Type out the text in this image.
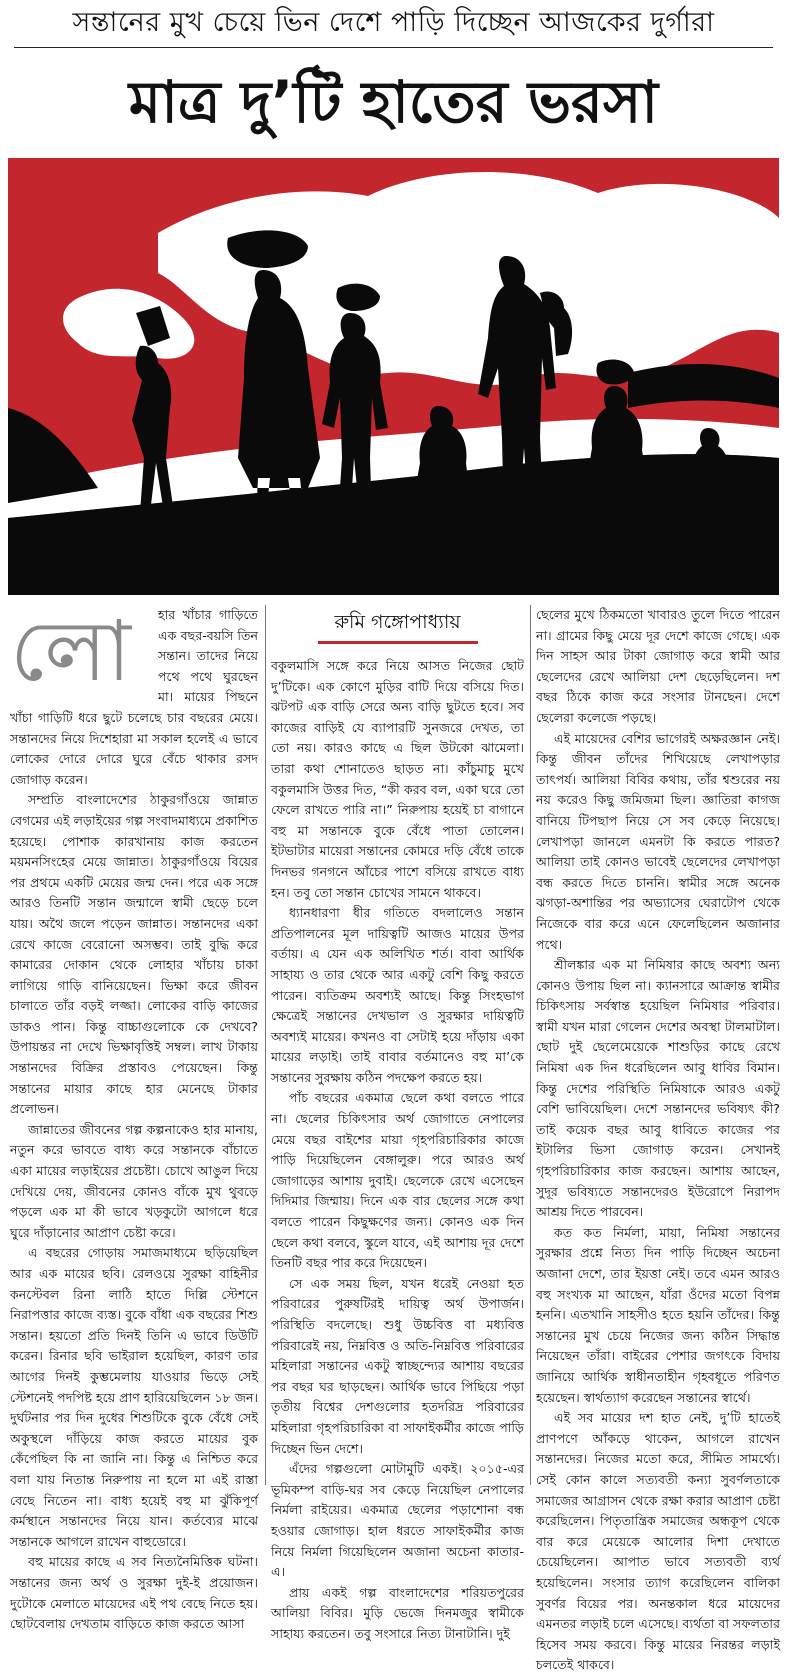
সন্তানের মুখ চেয়ে ভিন দেশে পাড়ি দিচ্ছেন আজকের দুর্গারা
মাত্র দু’টি হাতের ভরসা
লো	হার খাঁচার গাড়িতে এক বছর-বয়সি তিন সন্তান। তাদের নিয়ে পথে পথে ঘুরছেন মা। মায়ের পিছনে খাঁচা গাড়িটি ধরে ছুটে চলেছে চার বছরের মেয়ে। সন্তানদের নিয়ে দিশেহারা মা সকাল হলেই এ ভাবে লোকের দোরে দোরে ঘুরে বেঁচে থাকার রসদ জোগাড় করেন।

সম্প্রতি বাংলাদেশের ঠাকুরগাঁওয়ে জান্নাত বেগমের এই লড়াইয়ের গল্প সংবাদমাধ্যমে প্রকাশিত হয়েছে। পোশাক কারখানায় কাজ করতেন ময়মনসিংহের মেয়ে জান্নাত। ঠাকুরগাঁওয়ে বিয়ের পর প্রথমে একটি মেয়ের জন্ম দেন। পরে এক সঙ্গে আরও তিনটি সন্তান জন্মালে স্বামী ছেড়ে চলে যায়। অথৈ জলে পড়েন জান্নাত। সন্তানদের একা রেখে কাজে বেরোনো অসম্ভব। তাই বুদ্ধি করে কামারের দোকান থেকে লোহার খাঁচায় চাকা লাগিয়ে গাড়ি বানিয়েছেন। ভিক্ষা করে জীবন চালাতে তাঁর বড়ই লজ্জা। লোকের বাড়ি কাজের ডাকও পান। কিন্তু বাচ্চাগুলোকে কে দেখবে? উপায়ন্তর না দেখে ভিক্ষাবৃত্তিই সম্বল। লাখ টাকায় সন্তানদের বিক্রির প্রস্তাবও পেয়েছেন। কিন্তু সন্তানের মায়ার কাছে হার মেনেছে টাকার প্রলোভন।

জান্নাতের জীবনের গল্প কল্পনাকেও হার মানায়, নতুন করে ভাবতে বাধ্য করে সন্তানকে বাঁচাতে একা মায়ের লড়াইয়ের প্রচেষ্টা। চোখে আঙুল দিয়ে দেখিয়ে দেয়, জীবনের কোনও বাঁকে মুখ থুবড়ে পড়লে এক মা কী ভাবে খড়কুটো আগলে ধরে ঘুরে দাঁড়ানোর আপ্রাণ চেষ্টা করে।

এ বছরের গোড়ায় সমাজমাধ্যমে ছড়িয়েছিল আর এক মায়ের ছবি। রেলওয়ে সুরক্ষা বাহিনীর কনস্টেবল রিনা লাঠি হাতে দিল্লি স্টেশনে নিরাপত্তার কাজে ব্যস্ত। বুকে বাঁধা এক বছরের শিশু সন্তান। হয়তো প্রতি দিনই তিনি এ ভাবে ডিউটি করেন। রিনার ছবি ভাইরাল হয়েছিল, কারণ তার আগের দিনই কুম্ভমেলায় যাওয়ার ভিড়ে সেই স্টেশনেই পদপিষ্ট হয়ে প্রাণ হারিয়েছিলেন ১৮ জন। দুর্ঘটনার পর দিন দুধের শিশুটিকে বুকে বেঁধে সেই অকুস্থলে দাঁড়িয়ে কাজ করতে মায়ের বুক কেঁপেছিল কি না জানি না। কিন্তু এ নিশ্চিত করে বলা যায় নিতান্ত নিরুপায় না হলে মা এই রাস্তা বেছে নিতেন না। বাধ্য হয়েই বহু মা ঝুঁকিপূর্ণ কর্মস্থানে সন্তানদের নিয়ে যান। কর্তব্যের মাঝে সন্তানকে আগলে রাখেন বাহুডোরে।

বহু মায়ের কাছে এ সব নিত্যনৈমিত্তিক ঘটনা। সন্তানের জন্য অর্থ ও সুরক্ষা দুই-ই প্রয়োজন। দুটোকে মেলাতে মায়েদের এই পথ বেছে নিতে হয়। ছোটবেলায় দেখতাম বাড়িতে কাজ করতে আসা

রুমি গঙ্গোপাধ্যায়

বকুলমাসি সঙ্গে করে নিয়ে আসত নিজের ছোট দু’টিকে। এক কোণে মুড়ির বাটি দিয়ে বসিয়ে দিত। ঝটপট এক বাড়ি সেরে অন্য বাড়ি ছুটতে হবে। সব কাজের বাড়িই যে ব্যাপারটি সুনজরে দেখত, তা তো নয়। কারও কাছে এ ছিল উটকো ঝামেলা। তারা কথা শোনাতেও ছাড়ত না। কাঁচুমাচু মুখে বকুলমাসি উত্তর দিত, “কী করব বল, একা ঘরে তো ফেলে রাখতে পারি না।” নিরুপায় হয়েই চা বাগানে বহু মা সন্তানকে বুকে বেঁধে পাতা তোলেন। ইটভাটার মায়েরা সন্তানের কোমরে দড়ি বেঁধে তাকে দিনভর গনগনে আঁচের পাশে বসিয়ে রাখতে বাধ্য হন। তবু তো সন্তান চোখের সামনে থাকবে।

ধ্যানধারণা ধীর গতিতে বদলালেও সন্তান প্রতিপালনের মূল দায়িত্বটি আজও মায়ের উপর বর্তায়। এ যেন এক অলিখিত শর্ত। বাবা আর্থিক সাহায্য ও তার থেকে আর একটু বেশি কিছু করতে পারেন। ব্যতিক্রম অবশ্যই আছে। কিন্তু সিংহভাগ ক্ষেত্রেই সন্তানের দেখভাল ও সুরক্ষার দায়িত্বটি অবশ্যই মায়ের। কখনও বা সেটাই হয়ে দাঁড়ায় একা মায়ের লড়াই। তাই বাবার বর্তমানেও বহু মা’কে সন্তানের সুরক্ষায় কঠিন পদক্ষেপ করতে হয়।

পাঁচ বছরের একমাত্র ছেলে কথা বলতে পারে না। ছেলের চিকিৎসার অর্থ জোগাতে নেপালের মেয়ে বছর বাইশের মায়া গৃহপরিচারিকার কাজে পাড়ি দিয়েছিলেন বেঙ্গালুরু। পরে আরও অর্থ জোগাড়ের আশায় দুবাই। ছেলেকে রেখে এসেছেন দিদিমার জিম্মায়। দিনে এক বার ছেলের সঙ্গে কথা বলতে পারেন কিছুক্ষণের জন্য। কোনও এক দিন ছেলে কথা বলবে, স্কুলে যাবে, এই আশায় দূর দেশে তিনটি বছর পার করে দিয়েছেন।

সে এক সময় ছিল, যখন ধরেই নেওয়া হত পরিবারের পুরুষটিরই দায়িত্ব অর্থ উপার্জন। পরিস্থিতি বদলেছে। শুধু উচ্চবিত্ত বা মধ্যবিত্ত পরিবারেই নয়, নিম্নবিত্ত ও অতি-নিম্নবিত্ত পরিবারের মহিলারা সন্তানের একটু স্বাচ্ছন্দ্যের আশায় বছরের পর বছর ঘর ছাড়ছেন। আর্থিক ভাবে পিছিয়ে পড়া তৃতীয় বিশ্বের দেশগুলোর হতদরিদ্র পরিবারের মহিলারা গৃহপরিচারিকা বা সাফাইকর্মীর কাজে পাড়ি দিচ্ছেন ভিন দেশে।

এঁদের গল্পগুলো মোটামুটি একই। ২০১৫-এর ভূমিকম্প বাড়ি-ঘর সব কেড়ে নিয়েছিল নেপালের নির্মলা রাইয়ের। একমাত্র ছেলের পড়াশোনা বন্ধ হওয়ার জোগাড়। হাল ধরতে সাফাইকর্মীর কাজ নিয়ে নির্মলা গিয়েছিলেন অজানা অচেনা কাতার-এ।

প্রায় একই গল্প বাংলাদেশের শরিয়তপুরের আলিয়া বিবির। মুড়ি ভেজে দিনমজুর স্বামীকে সাহায্য করতেন। তবু সংসারে নিত্য টানাটানি। দুই

ছেলের মুখে ঠিকমতো খাবারও তুলে দিতে পারেন না। গ্রামের কিছু মেয়ে দূর দেশে কাজে গেছে। এক দিন সাহস আর টাকা জোগাড় করে স্বামী আর ছেলেদের রেখে আলিয়া দেশ ছেড়েছিলেন। দশ বছর ঠিকে কাজ করে সংসার টানছেন। দেশে ছেলেরা কলেজে পড়ছে।

এই মায়েদের বেশির ভাগেরই অক্ষরজ্ঞান নেই। কিন্তু জীবন তাঁদের শিখিয়েছে লেখাপড়ার তাৎপর্য। আলিয়া বিবির কথায়, তাঁর শ্বশুরের নয় নয় করেও কিছু জমিজমা ছিল। জ্ঞাতিরা কাগজ বানিয়ে টিপছাপ নিয়ে সে সব কেড়ে নিয়েছে। লেখাপড়া জানলে এমনটা কি করতে পারত? আলিয়া তাই কোনও ভাবেই ছেলেদের লেখাপড়া বন্ধ করতে দিতে চাননি। স্বামীর সঙ্গে অনেক ঝগড়া-অশান্তির পর অভ্যাসের ঘেরাটোপ থেকে নিজেকে বার করে এনে ফেলেছিলেন অজানার পথে।

শ্রীলঙ্কার এক মা নিমিষার কাছে অবশ্য অন্য কোনও উপায় ছিল না। ক্যানসারে আক্রান্ত স্বামীর চিকিৎসায় সর্বস্বান্ত হয়েছিল নিমিষার পরিবার। স্বামী যখন মারা গেলেন দেশের অবস্থা টালমাটাল। ছোট দুই ছেলেমেয়েকে শাশুড়ির কাছে রেখে নিমিষা এক দিন ধরেছিলেন আবু ধাবির বিমান। কিন্তু দেশের পরিস্থিতি নিমিষাকে আরও একটু বেশি ভাবিয়েছিল। দেশে সন্তানদের ভবিষ্যৎ কী? তাই কয়েক বছর আবু ধাবিতে কাজের পর ইটালির ভিসা জোগাড় করেন। সেখানই গৃহপরিচারিকার কাজ করছেন। আশায় আছেন, সুদূর ভবিষ্যতে সন্তানদেরও ইউরোপে নিরাপদ আশ্রয় দিতে পারবেন।

কত কত নির্মলা, মায়া, নিমিষা সন্তানের সুরক্ষার প্রশ্নে নিত্য দিন পাড়ি দিচ্ছেন অচেনা অজানা দেশে, তার ইয়ত্তা নেই। তবে এমন আরও বহু সংখ্যক মা আছেন, যাঁরা ওঁদের মতো বিপন্ন হননি। এতখানি সাহসীও হতে হয়নি তাঁদের। কিন্তু সন্তানের মুখ চেয়ে নিজের জন্য কঠিন সিদ্ধান্ত নিয়েছেন তাঁরা। বাইরের পেশার জগৎকে বিদায় জানিয়ে আর্থিক স্বাধীনতাহীন গৃহবধূতে পরিণত হয়েছেন। স্বার্থত্যাগ করেছেন সন্তানের স্বার্থে।

এই সব মায়ের দশ হাত নেই, দু’টি হাতেই প্রাণপণে আঁকড়ে থাকেন, আগলে রাখেন সন্তানদের। নিজের মতো করে, সীমিত সামর্থ্যে। সেই কোন কালে সত্যবতী কন্যা সুবর্ণলতাকে সমাজের আগ্রাসন থেকে রক্ষা করার আপ্রাণ চেষ্টা করেছিলেন। পিতৃতান্ত্রিক সমাজের অন্ধকূপ থেকে বার করে মেয়েকে আলোর দিশা দেখাতে চেয়েছিলেন। আপাত ভাবে সত্যবতী ব্যর্থ হয়েছিলেন। সংসার ত্যাগ করেছিলেন বালিকা সুবর্ণর বিয়ের পর। অনন্তকাল ধরে মায়েদের এমনতর লড়াই চলে এসেছে। ব্যর্থতা বা সফলতার হিসেব সময় করবে। কিন্তু মায়ের নিরন্তর লড়াই চলতেই থাকবে।
